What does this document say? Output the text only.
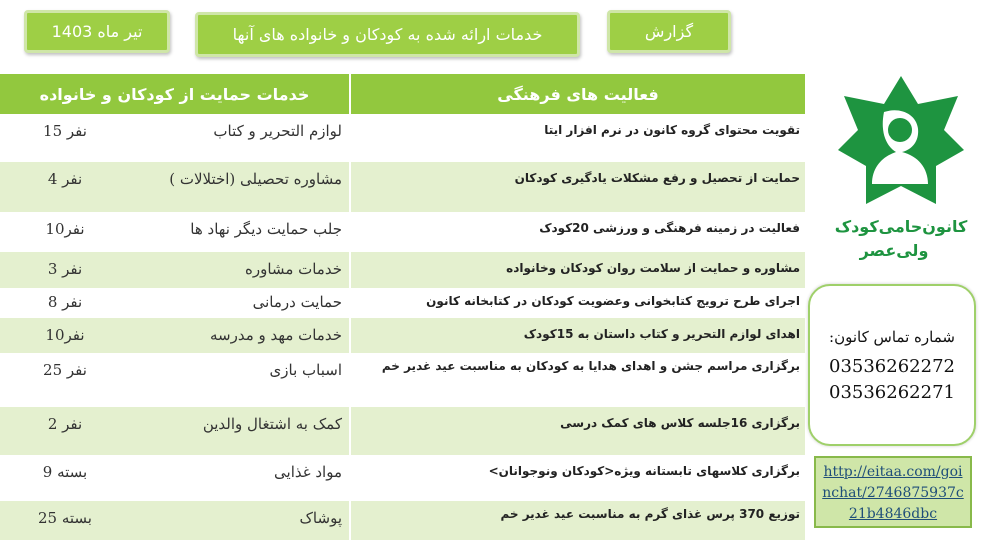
تیر ماه 1403	خدمات ارائه شده به کودکان و خانواده های آنها	گزارش
خدمات حمایت از کودکان و خانواده	فعالیت های فرهنگی
15 نفر	لوازم التحریر و کتاب	تقویت محتوای گروه کانون در نرم افزار ایتا
4 نفر	مشاوره تحصیلی (اختلالات )	حمایت از تحصیل و رفع مشکلات یادگیری کودکان
10نفر	جلب حمایت دیگر نهاد ها	فعالیت در زمینه فرهنگی و ورزشی 20کودک
3 نفر	خدمات مشاوره	مشاوره و حمایت از سلامت روان کودکان وخانواده
8 نفر	حمایت درمانی	اجرای طرح ترویج کتابخوانی وعضویت کودکان در کتابخانه کانون
10نفر	خدمات مهد و مدرسه	اهدای لوازم التحریر و کتاب داستان به 15کودک
25 نفر	اسباب بازی	برگزاری مراسم جشن و اهدای هدایا به کودکان به مناسبت عید غدیر خم
2 نفر	کمک به اشتغال والدین	برگزاری 16جلسه کلاس های کمک درسی
9 بسته	مواد غذایی	برگزاری کلاسهای تابستانه ویژه<کودکان ونوجوانان>
25 بسته	پوشاک	توزیع 370 پرس غذای گرم به مناسبت عید غدیر خم
کانون‌حامی‌کودک
ولی‌عصر
شماره تماس کانون:
03536262272
03536262271
http://eitaa.com/goinchat/2746875937c21b4846dbc
